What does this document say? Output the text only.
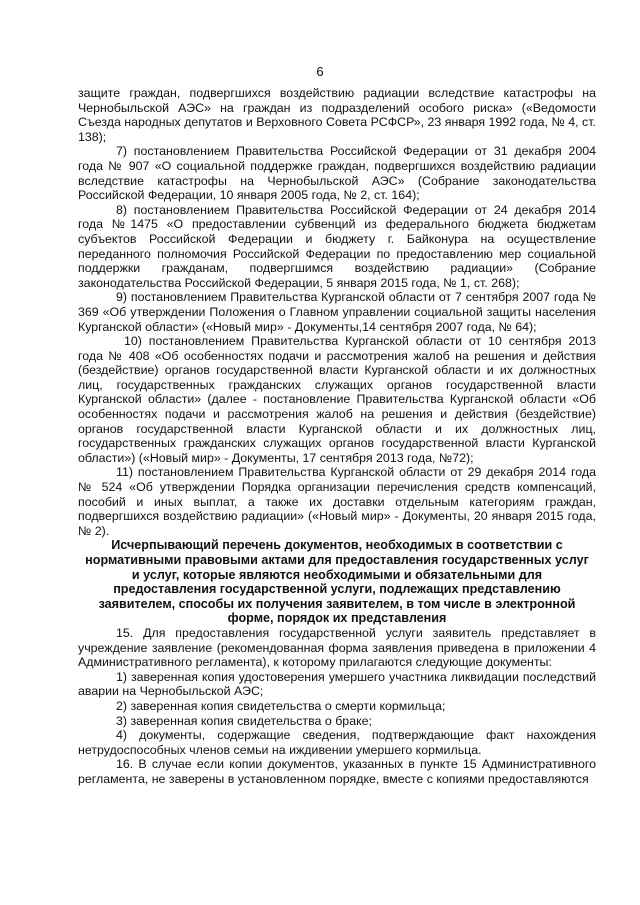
6

защите граждан, подвергшихся воздействию радиации вследствие катастрофы на Чернобыльской АЭС» на граждан из подразделений особого риска» («Ведомости Съезда народных депутатов и Верховного Совета РСФСР», 23 января 1992 года, № 4, ст. 138);

7) постановлением Правительства Российской Федерации от 31 декабря 2004 года № 907 «О социальной поддержке граждан, подвергшихся воздействию радиации вследствие катастрофы на Чернобыльской АЭС» (Собрание законодательства Российской Федерации, 10 января 2005 года, № 2, ст. 164);

8) постановлением Правительства Российской Федерации от 24 декабря 2014 года №1475 «О предоставлении субвенций из федерального бюджета бюджетам субъектов Российской Федерации и бюджету г. Байконура на осуществление переданного полномочия Российской Федерации по предоставлению мер социальной поддержки гражданам, подвергшимся воздействию радиации» (Собрание законодательства Российской Федерации, 5 января 2015 года, № 1, ст. 268);

9) постановлением Правительства Курганской области от 7 сентября 2007 года № 369 «Об утверждении Положения о Главном управлении социальной защиты населения Курганской области» («Новый мир» - Документы,14 сентября 2007 года, № 64);

10) постановлением Правительства Курганской области от 10 сентября 2013 года № 408 «Об особенностях подачи и рассмотрения жалоб на решения и действия (бездействие) органов государственной власти Курганской области и их должностных лиц, государственных гражданских служащих органов государственной власти Курганской области» (далее - постановление Правительства Курганской области «Об особенностях подачи и рассмотрения жалоб на решения и действия (бездействие) органов государственной власти Курганской области и их должностных лиц, государственных гражданских служащих органов государственной власти Курганской области») («Новый мир» - Документы, 17 сентября 2013 года, №72);

11) постановлением Правительства Курганской области от 29 декабря 2014 года № 524 «Об утверждении Порядка организации перечисления средств компенсаций, пособий и иных выплат, а также их доставки отдельным категориям граждан, подвергшихся воздействию радиации» («Новый мир» - Документы, 20 января 2015 года, № 2).

Исчерпывающий перечень документов, необходимых в соответствии с нормативными правовыми актами для предоставления государственных услуг и услуг, которые являются необходимыми и обязательными для предоставления государственной услуги, подлежащих представлению заявителем, способы их получения заявителем, в том числе в электронной форме, порядок их представления

15. Для предоставления государственной услуги заявитель представляет в учреждение заявление (рекомендованная форма заявления приведена в приложении 4 Административного регламента), к которому прилагаются следующие документы:

1) заверенная копия удостоверения умершего участника ликвидации последствий аварии на Чернобыльской АЭС;

2) заверенная копия свидетельства о смерти кормильца;

3) заверенная копия свидетельства о браке;

4) документы, содержащие сведения, подтверждающие факт нахождения нетрудоспособных членов семьи на иждивении умершего кормильца.

16. В случае если копии документов, указанных в пункте 15 Административного регламента, не заверены в установленном порядке, вместе с копиями предоставляются
